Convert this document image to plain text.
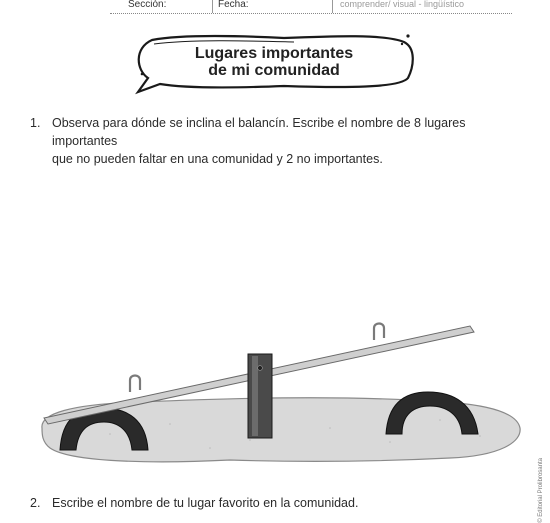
Sección:	Fecha:	comprender/ visual - lingüístico
Lugares importantes
de mi comunidad
1. Observa para dónde se inclina el balancín. Escribe el nombre de 8 lugares importantes
que no pueden faltar en una comunidad y 2 no importantes.
2. Escribe el nombre de tu lugar favorito en la comunidad.	© Editorial Prolibrosanta
